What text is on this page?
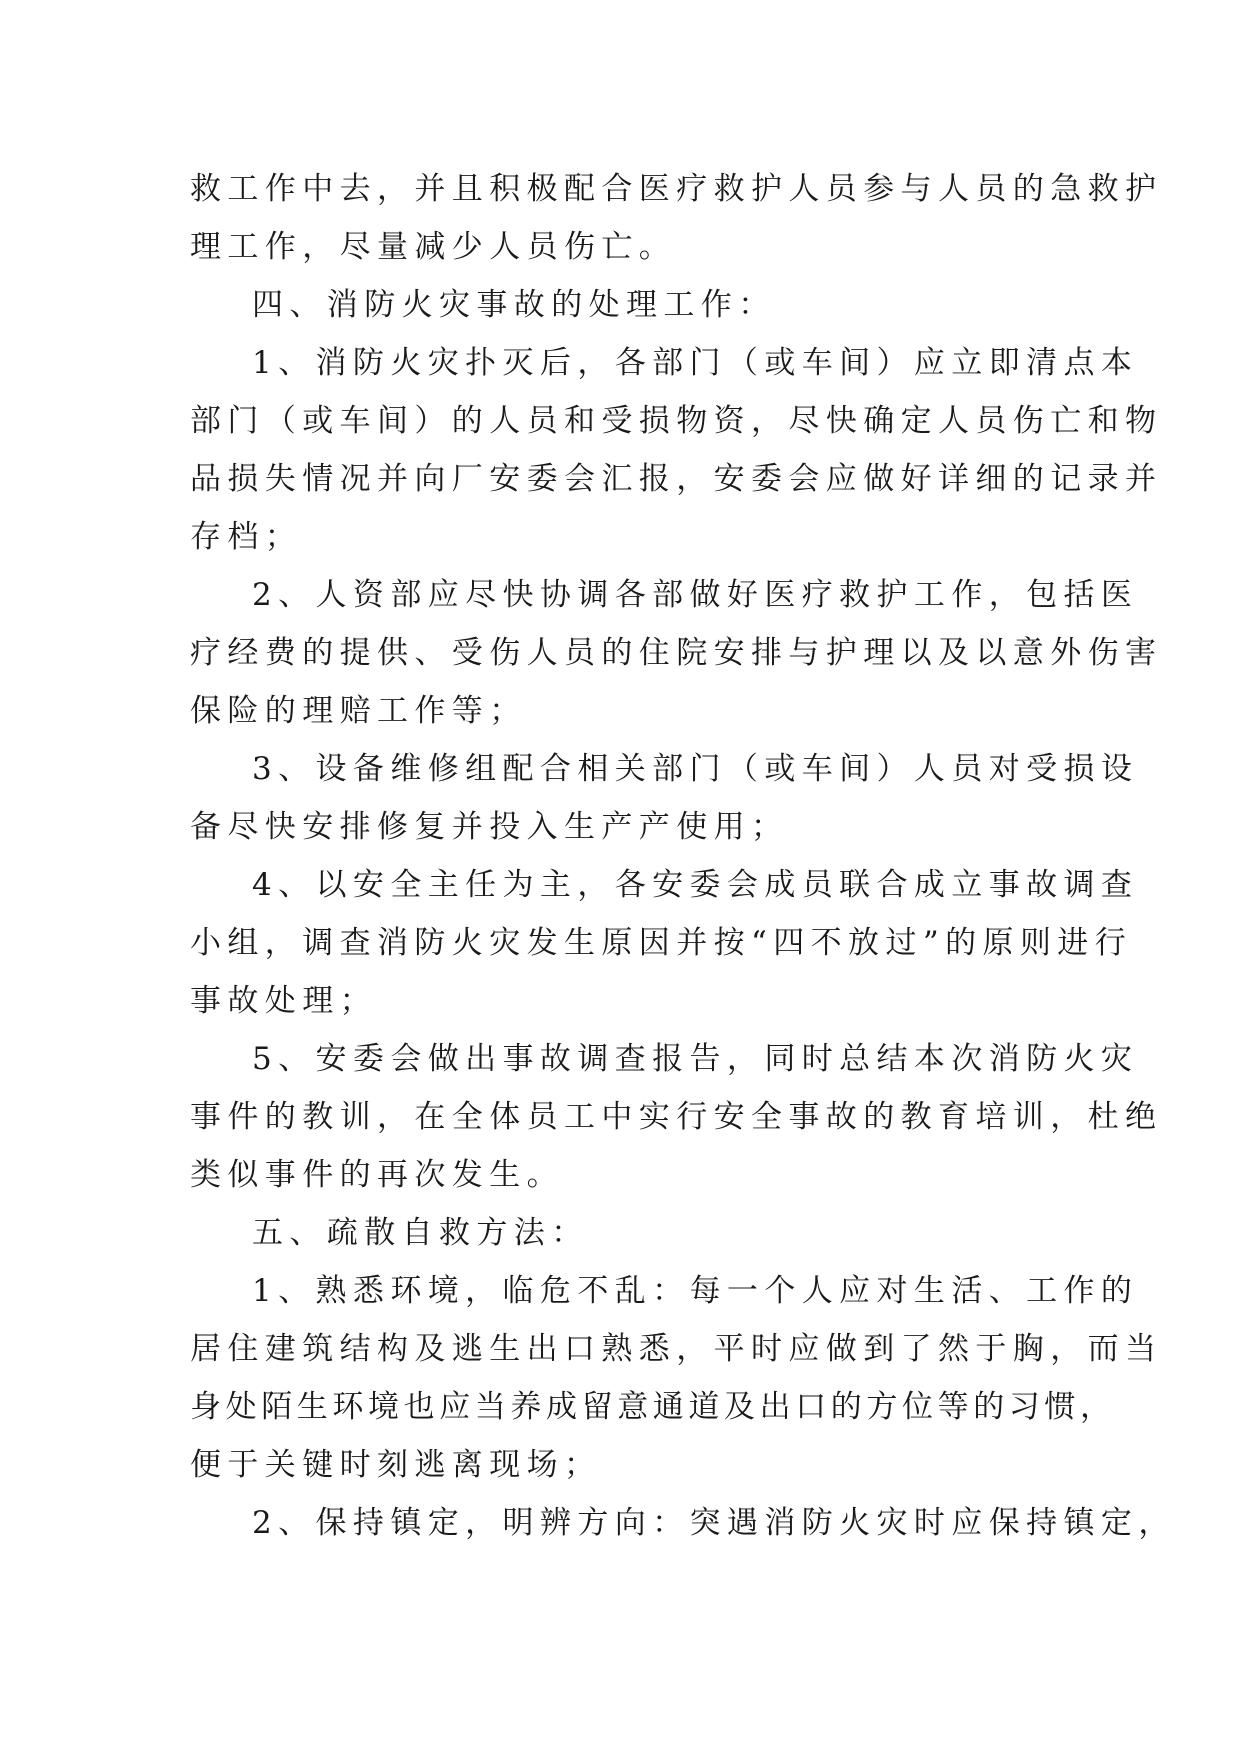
救工作中去，并且积极配合医疗救护人员参与人员的急救护
理工作，尽量减少人员伤亡。
四、消防火灾事故的处理工作：
1、消防火灾扑灭后，各部门（或车间）应立即清点本
部门（或车间）的人员和受损物资，尽快确定人员伤亡和物
品损失情况并向厂安委会汇报，安委会应做好详细的记录并
存档；
2、人资部应尽快协调各部做好医疗救护工作，包括医
疗经费的提供、受伤人员的住院安排与护理以及以意外伤害
保险的理赔工作等；
3、设备维修组配合相关部门（或车间）人员对受损设
备尽快安排修复并投入生产产使用；
4、以安全主任为主，各安委会成员联合成立事故调查
小组，调查消防火灾发生原因并按“四不放过”的原则进行
事故处理；
5、安委会做出事故调查报告，同时总结本次消防火灾
事件的教训，在全体员工中实行安全事故的教育培训，杜绝
类似事件的再次发生。
五、疏散自救方法：
1、熟悉环境，临危不乱：每一个人应对生活、工作的
居住建筑结构及逃生出口熟悉，平时应做到了然于胸，而当
身处陌生环境也应当养成留意通道及出口的方位等的习惯，
便于关键时刻逃离现场；
2、保持镇定，明辨方向：突遇消防火灾时应保持镇定，
